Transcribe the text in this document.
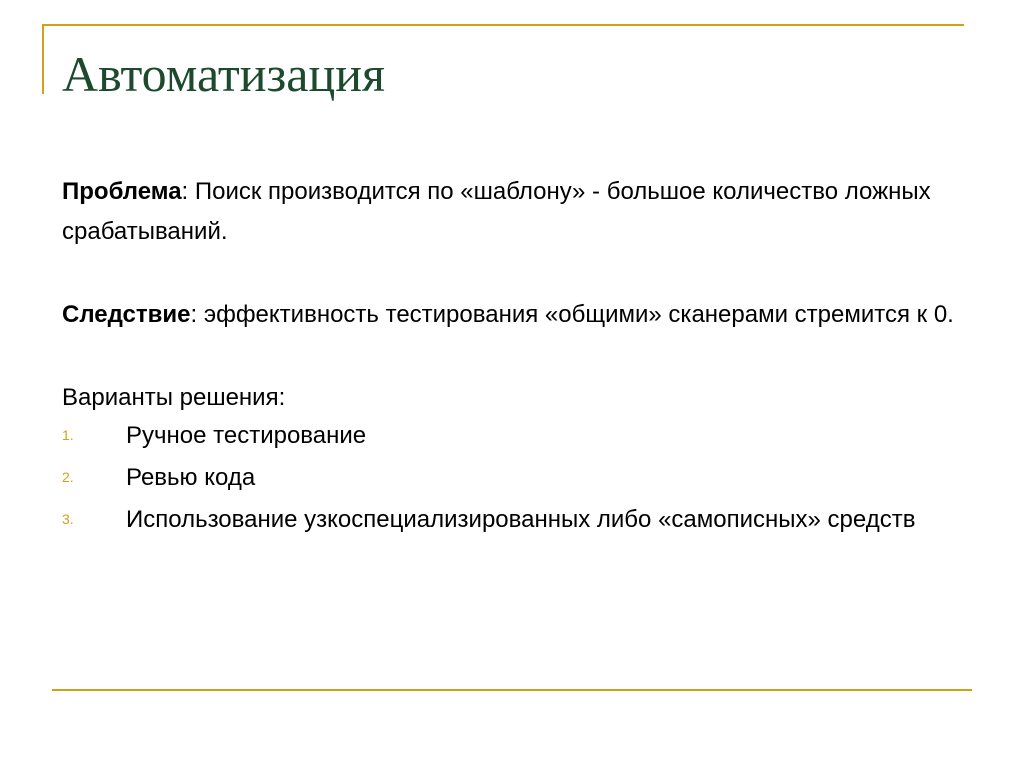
Автоматизация

Проблема: Поиск производится по «шаблону» - большое количество ложных срабатываний.

Следствие: эффективность тестирования «общими» сканерами стремится к 0.

Варианты решения:

1. Ручное тестирование
2. Ревью кода
3. Использование узкоспециализированных либо «самописных» средств
